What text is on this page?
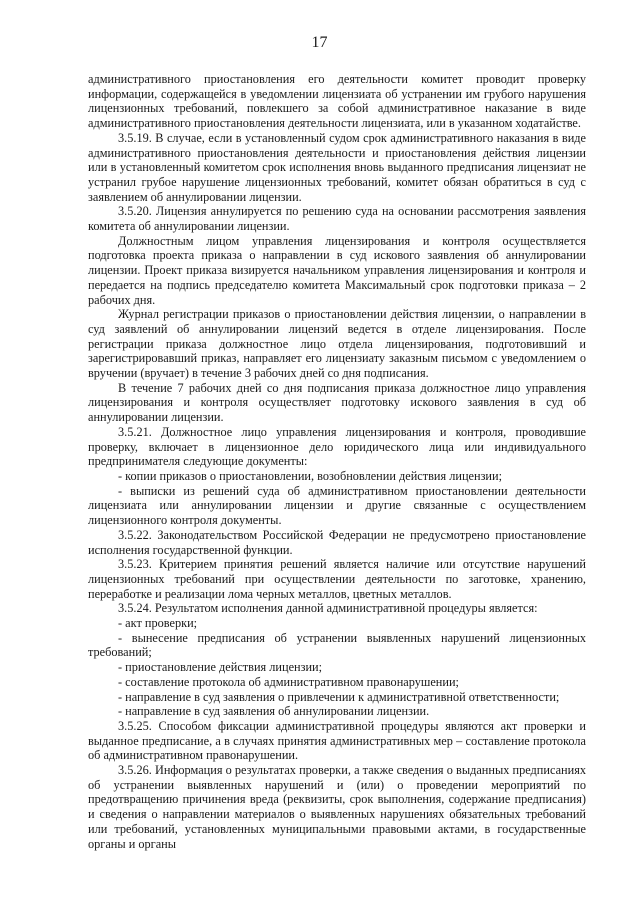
17

административного приостановления его деятельности комитет проводит проверку информации, содержащейся в уведомлении лицензиата об устранении им грубого нарушения лицензионных требований, повлекшего за собой административное наказание в виде административного приостановления деятельности лицензиата, или в указанном ходатайстве.

3.5.19. В случае, если в установленный судом срок административного наказания в виде административного приостановления деятельности и приостановления действия лицензии или в установленный комитетом срок исполнения вновь выданного предписания лицензиат не устранил грубое нарушение лицензионных требований, комитет обязан обратиться в суд с заявлением об аннулировании лицензии.

3.5.20. Лицензия аннулируется по решению суда на основании рассмотрения заявления комитета об аннулировании лицензии.

Должностным лицом управления лицензирования и контроля осуществляется подготовка проекта приказа о направлении в суд искового заявления об аннулировании лицензии. Проект приказа визируется начальником управления лицензирования и контроля и передается на подпись председателю комитета Максимальный срок подготовки приказа – 2 рабочих дня.

Журнал регистрации приказов о приостановлении действия лицензии, о направлении в суд заявлений об аннулировании лицензий ведется в отделе лицензирования. После регистрации приказа должностное лицо отдела лицензирования, подготовивший и зарегистрировавший приказ, направляет его лицензиату заказным письмом с уведомлением о вручении (вручает) в течение 3 рабочих дней со дня подписания.

В течение 7 рабочих дней со дня подписания приказа должностное лицо управления лицензирования и контроля осуществляет подготовку искового заявления в суд об аннулировании лицензии.

3.5.21. Должностное лицо управления лицензирования и контроля, проводившие проверку, включает в лицензионное дело юридического лица или индивидуального предпринимателя следующие документы:

- копии приказов о приостановлении, возобновлении действия лицензии;

- выписки из решений суда об административном приостановлении деятельности лицензиата или аннулировании лицензии и другие связанные с осуществлением лицензионного контроля документы.

3.5.22. Законодательством Российской Федерации не предусмотрено приостановление исполнения государственной функции.

3.5.23. Критерием принятия решений является наличие или отсутствие нарушений лицензионных требований при осуществлении деятельности по заготовке, хранению, переработке и реализации лома черных металлов, цветных металлов.

3.5.24. Результатом исполнения данной административной процедуры является:

- акт проверки;

- вынесение предписания об устранении выявленных нарушений лицензионных требований;

- приостановление действия лицензии;

- составление протокола об административном правонарушении;

- направление в суд заявления о привлечении к административной ответственности;

- направление в суд заявления об аннулировании лицензии.

3.5.25. Способом фиксации административной процедуры являются акт проверки и выданное предписание, а в случаях принятия административных мер – составление протокола об административном правонарушении.

3.5.26. Информация о результатах проверки, а также сведения о выданных предписаниях об устранении выявленных нарушений и (или) о проведении мероприятий по предотвращению причинения вреда (реквизиты, срок выполнения, содержание предписания) и сведения о направлении материалов о выявленных нарушениях обязательных требований или требований, установленных муниципальными правовыми актами, в государственные органы и органы
